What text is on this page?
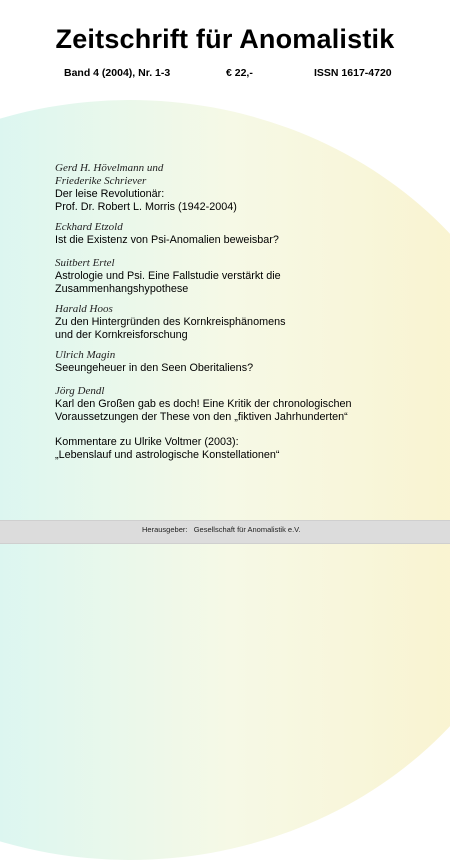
Zeitschrift für Anomalistik
Band 4 (2004), Nr. 1-3	€ 22,-	ISSN 1617-4720
Gerd H. Hövelmann und
Friederike Schriever
Der leise Revolutionär:
Prof. Dr. Robert L. Morris (1942-2004)
Eckhard Etzold
Ist die Existenz von Psi-Anomalien beweisbar?
Suitbert Ertel
Astrologie und Psi. Eine Fallstudie verstärkt die
Zusammenhangshypothese
Harald Hoos
Zu den Hintergründen des Kornkreisphänomens
und der Kornkreisforschung
Ulrich Magin
Seeungeheuer in den Seen Oberitaliens?
Jörg Dendl
Karl den Großen gab es doch! Eine Kritik der chronologischen
Voraussetzungen der These von den „fiktiven Jahrhunderten“
Kommentare zu Ulrike Voltmer (2003):
„Lebenslauf und astrologische Konstellationen“
Herausgeber: Gesellschaft für Anomalistik e.V.
